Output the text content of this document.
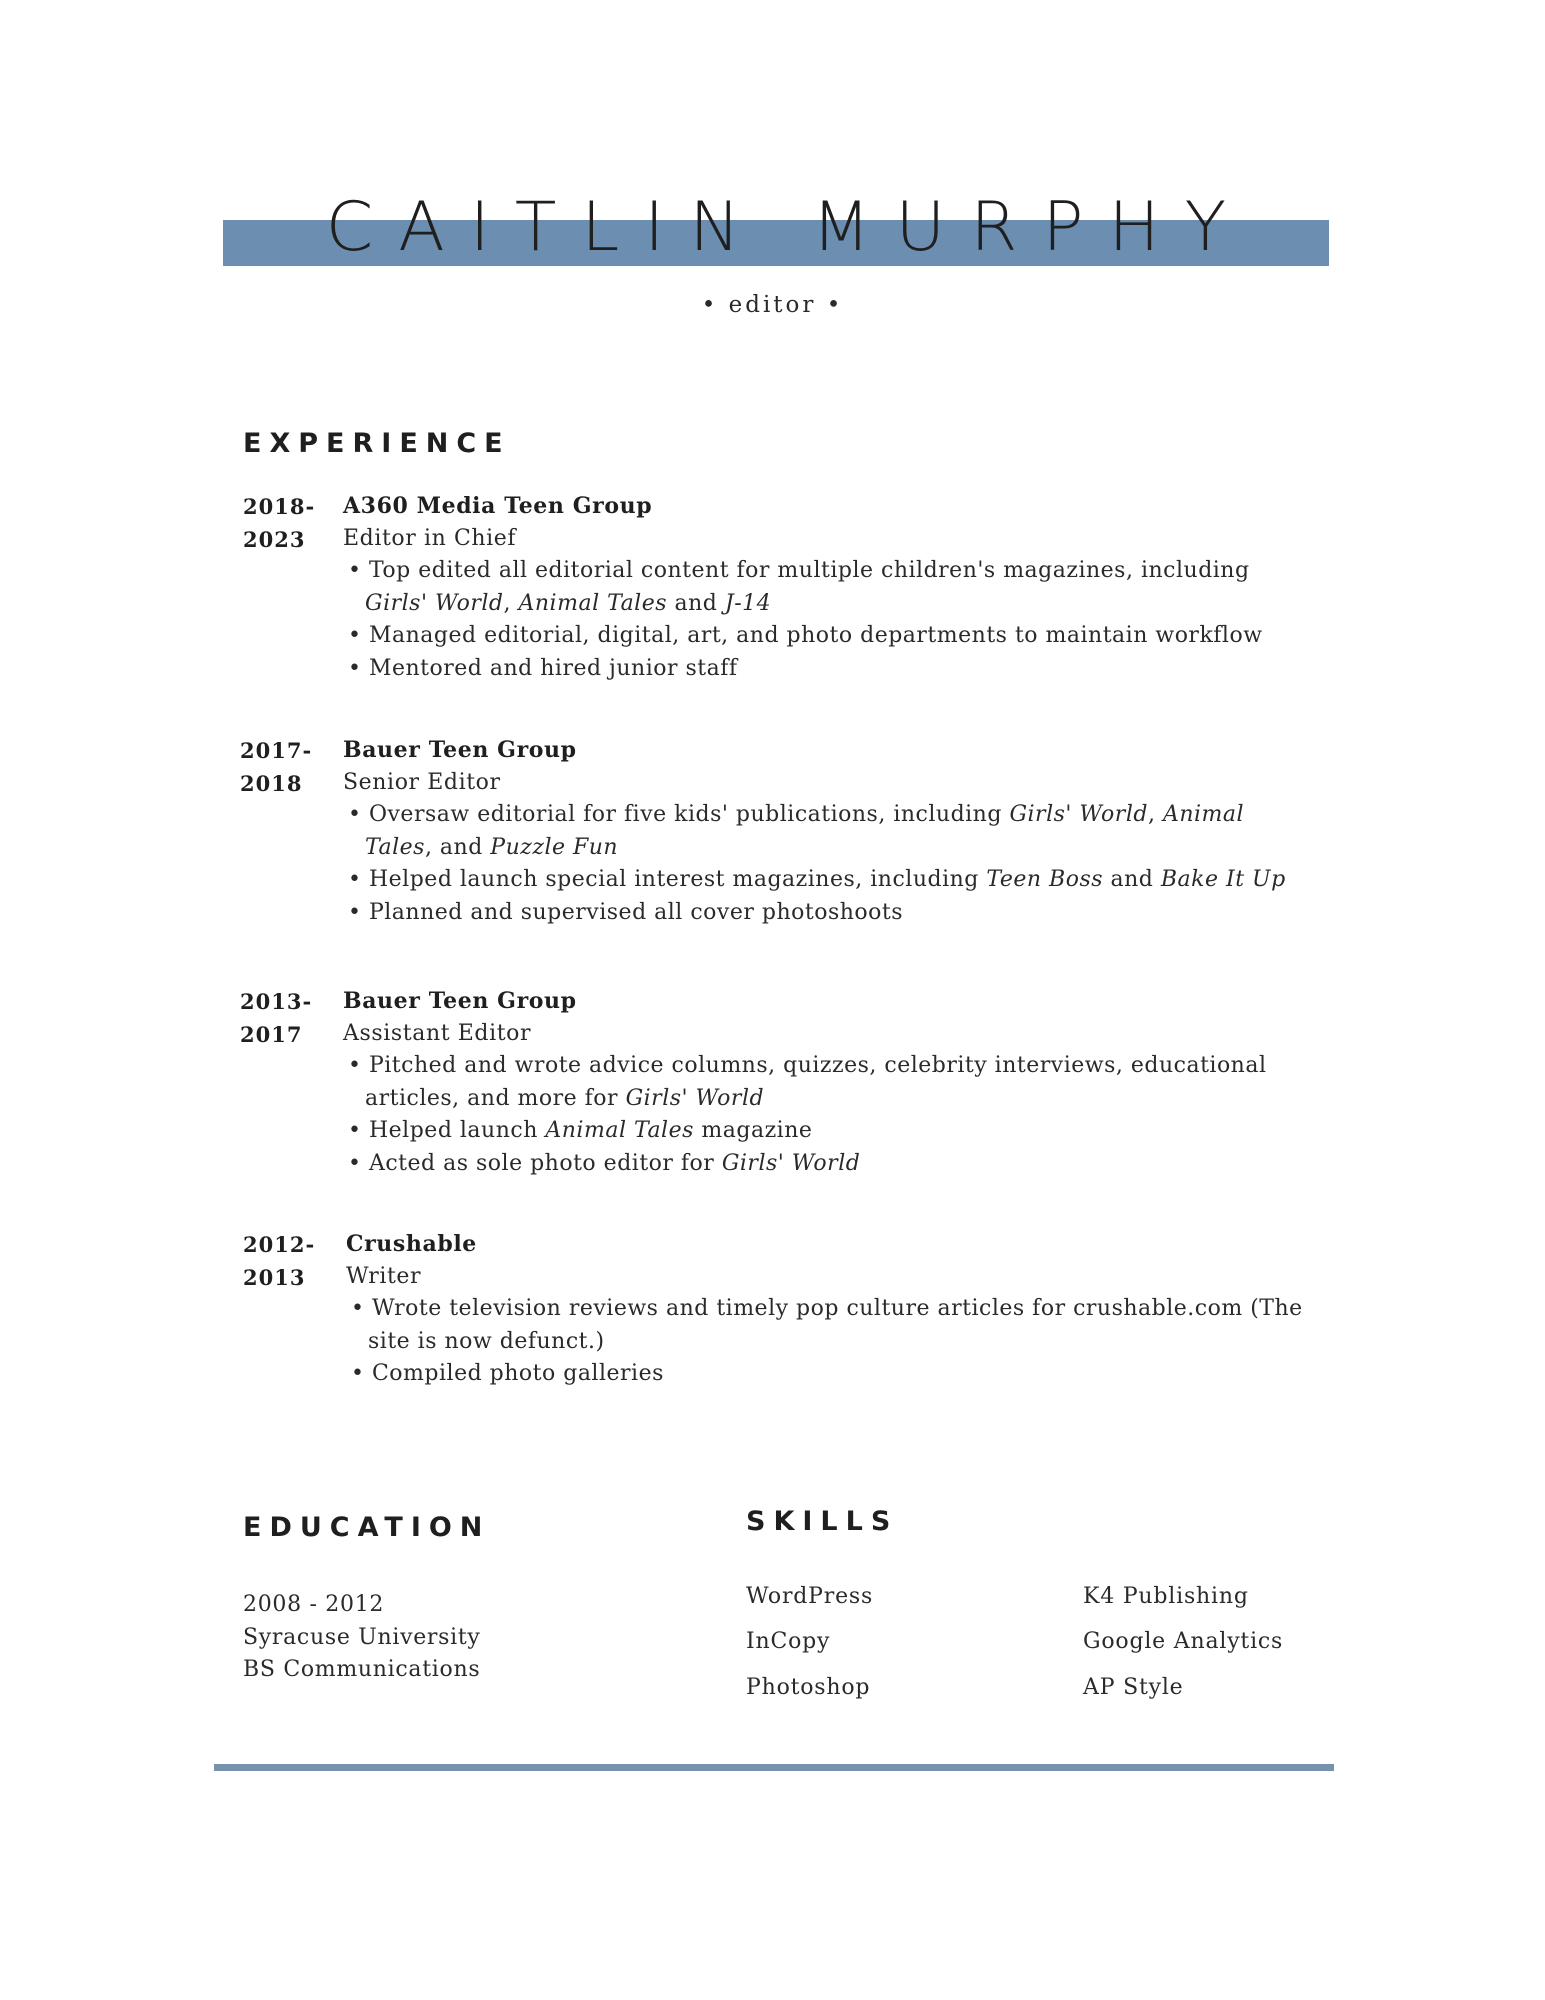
CAITLIN MURPHY
• editor •
EXPERIENCE
2018-
2023
A360 Media Teen Group
Editor in Chief
• Top edited all editorial content for multiple children's magazines, including Girls' World, Animal Tales and J-14
• Managed editorial, digital, art, and photo departments to maintain workflow
• Mentored and hired junior staff
2017-
2018
Bauer Teen Group
Senior Editor
• Oversaw editorial for five kids' publications, including Girls' World, Animal Tales, and Puzzle Fun
• Helped launch special interest magazines, including Teen Boss and Bake It Up
• Planned and supervised all cover photoshoots
2013-
2017
Bauer Teen Group
Assistant Editor
• Pitched and wrote advice columns, quizzes, celebrity interviews, educational articles, and more for Girls' World
• Helped launch Animal Tales magazine
• Acted as sole photo editor for Girls' World
2012-
2013
Crushable
Writer
• Wrote television reviews and timely pop culture articles for crushable.com (The site is now defunct.)
• Compiled photo galleries
EDUCATION
2008 - 2012
Syracuse University
BS Communications
SKILLS
WordPress
InCopy
Photoshop
K4 Publishing
Google Analytics
AP Style
